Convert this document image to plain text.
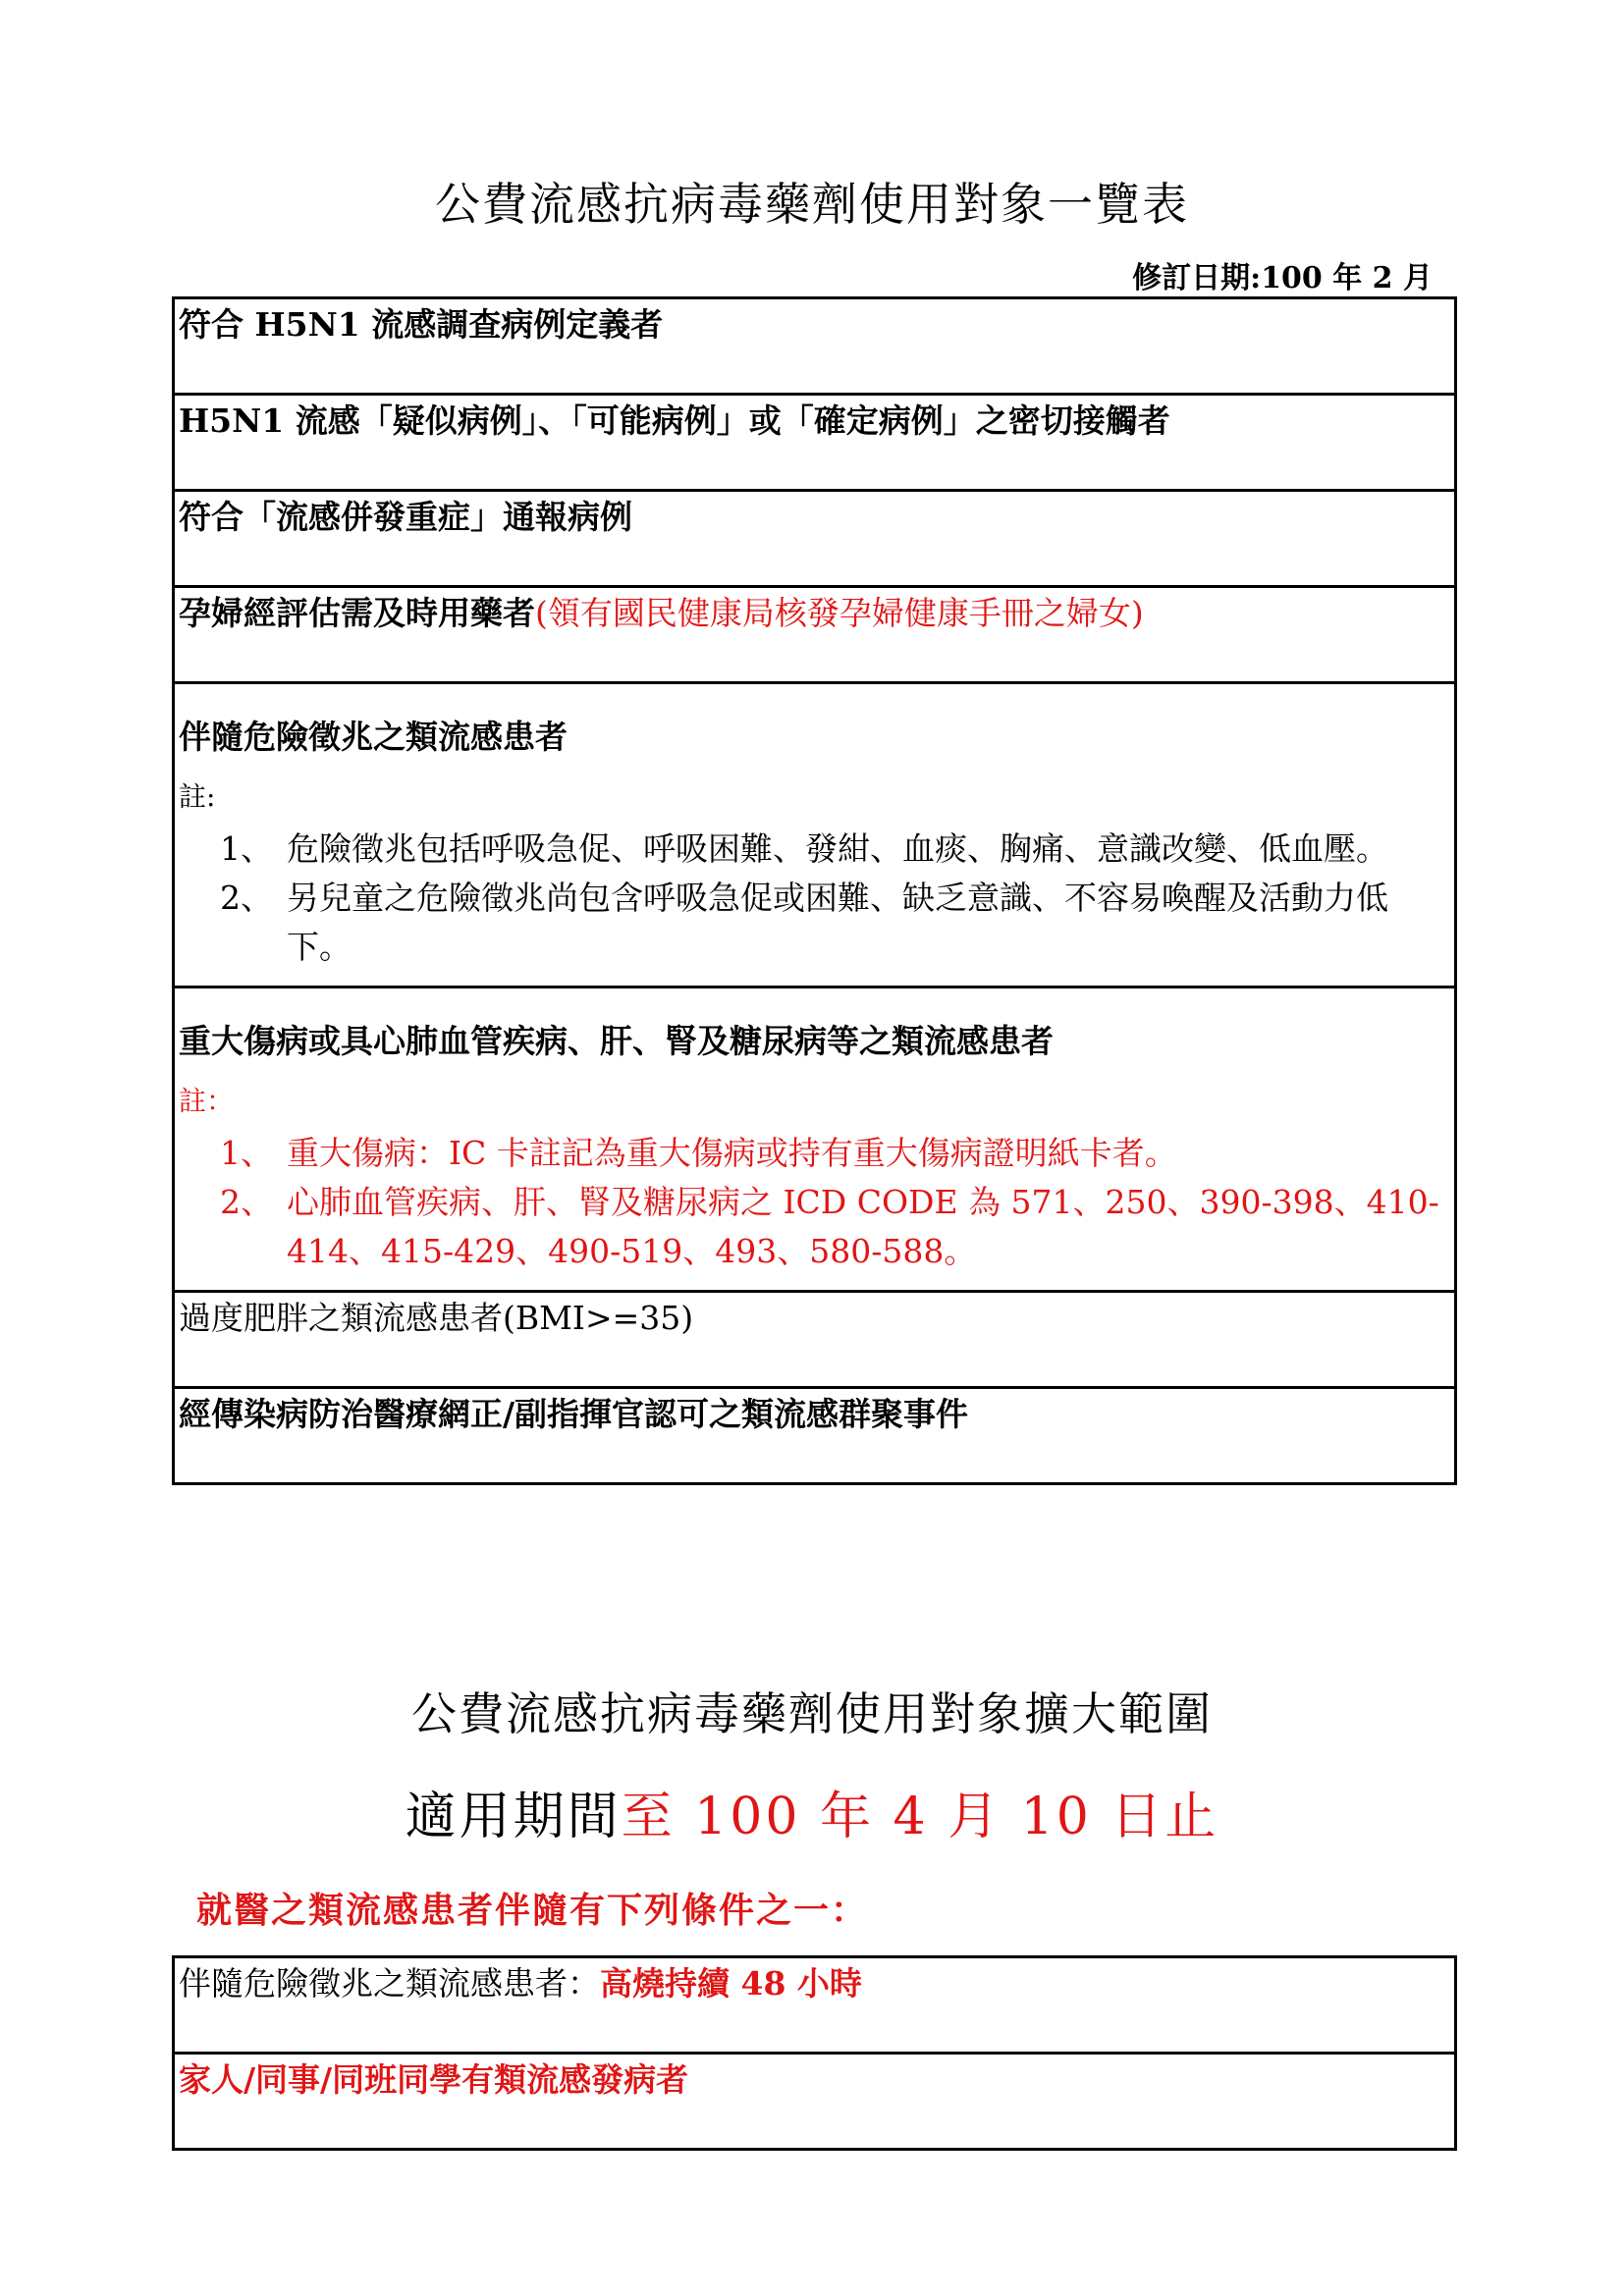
公費流感抗病毒藥劑使用對象一覽表
修訂日期:100 年 2 月
符合 H5N1 流感調查病例定義者
H5N1 流感「疑似病例」、「可能病例」或「確定病例」之密切接觸者
符合「流感併發重症」通報病例
孕婦經評估需及時用藥者(領有國民健康局核發孕婦健康手冊之婦女)

伴隨危險徵兆之類流感患者
註:
1、 危險徵兆包括呼吸急促、呼吸困難、發紺、血痰、胸痛、意識改變、低血壓。
2、 另兒童之危險徵兆尚包含呼吸急促或困難、缺乏意識、不容易喚醒及活動力低下。

重大傷病或具心肺血管疾病、肝、腎及糖尿病等之類流感患者
註：
1、 重大傷病：IC 卡註記為重大傷病或持有重大傷病證明紙卡者。
2、 心肺血管疾病、肝、腎及糖尿病之 ICD CODE 為 571、250、390-398、410-414、415-429、490-519、493、580-588。

過度肥胖之類流感患者(BMI>=35)
經傳染病防治醫療網正/副指揮官認可之類流感群聚事件
公費流感抗病毒藥劑使用對象擴大範圍
適用期間至 100 年 4 月 10 日止
就醫之類流感患者伴隨有下列條件之一：
伴隨危險徵兆之類流感患者：高燒持續 48 小時
家人/同事/同班同學有類流感發病者
